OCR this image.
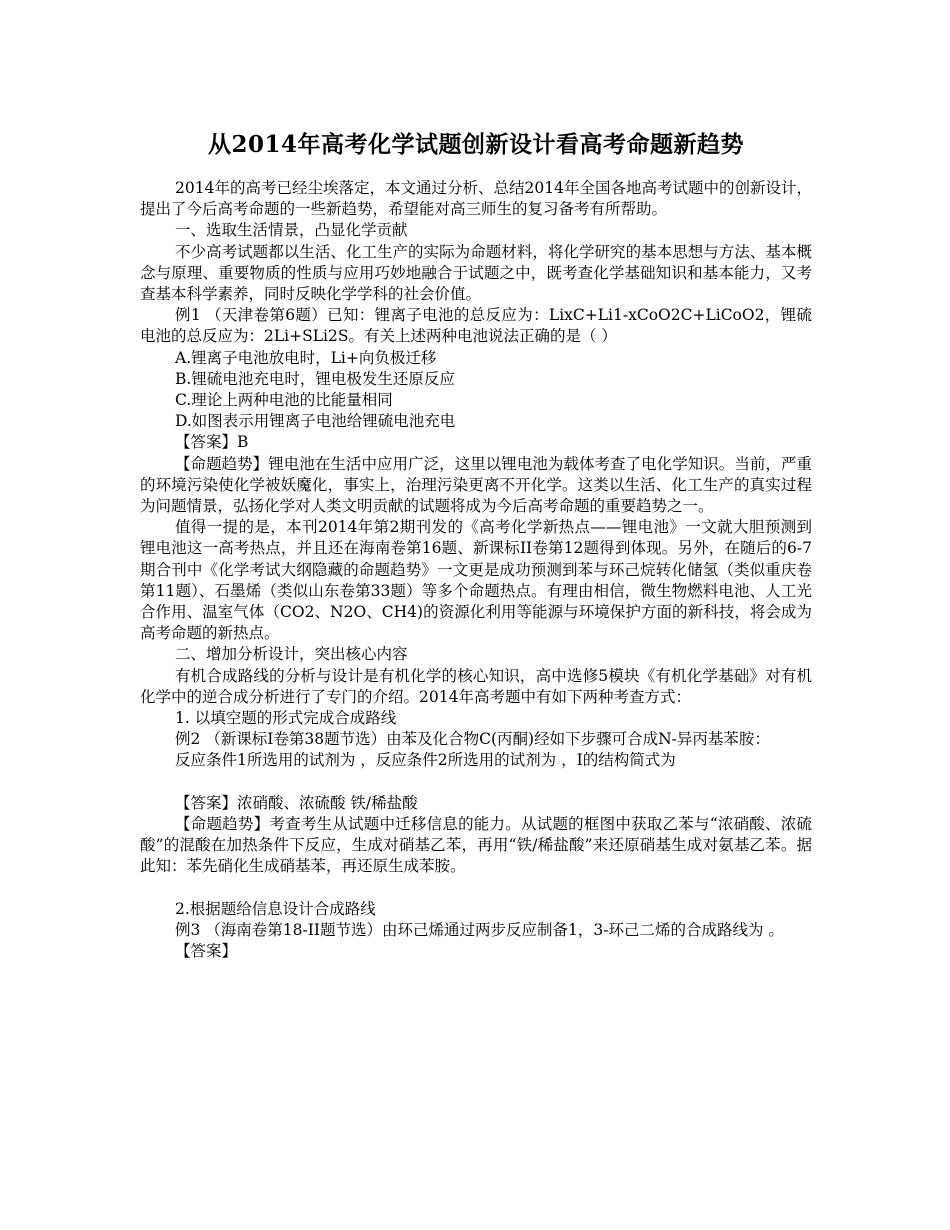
从2014年高考化学试题创新设计看高考命题新趋势

2014年的高考已经尘埃落定，本文通过分析、总结2014年全国各地高考试题中的创新设计，提出了今后高考命题的一些新趋势，希望能对高三师生的复习备考有所帮助。

一、选取生活情景，凸显化学贡献

不少高考试题都以生活、化工生产的实际为命题材料，将化学研究的基本思想与方法、基本概念与原理、重要物质的性质与应用巧妙地融合于试题之中，既考查化学基础知识和基本能力，又考查基本科学素养，同时反映化学学科的社会价值。

例1 （天津卷第6题）已知：锂离子电池的总反应为：LixC+Li1-xCoO2C+LiCoO2，锂硫电池的总反应为：2Li+SLi2S。有关上述两种电池说法正确的是（ ）

A.锂离子电池放电时，Li+向负极迁移

B.锂硫电池充电时，锂电极发生还原反应

C.理论上两种电池的比能量相同

D.如图表示用锂离子电池给锂硫电池充电

【答案】B

【命题趋势】锂电池在生活中应用广泛，这里以锂电池为载体考查了电化学知识。当前，严重的环境污染使化学被妖魔化，事实上，治理污染更离不开化学。这类以生活、化工生产的真实过程为问题情景，弘扬化学对人类文明贡献的试题将成为今后高考命题的重要趋势之一。

值得一提的是，本刊2014年第2期刊发的《高考化学新热点——锂电池》一文就大胆预测到锂电池这一高考热点，并且还在海南卷第16题、新课标II卷第12题得到体现。另外，在随后的6-7期合刊中《化学考试大纲隐藏的命题趋势》一文更是成功预测到苯与环己烷转化储氢（类似重庆卷第11题）、石墨烯（类似山东卷第33题）等多个命题热点。有理由相信，微生物燃料电池、人工光合作用、温室气体（CO2、N2O、CH4)的资源化利用等能源与环境保护方面的新科技，将会成为高考命题的新热点。

二、增加分析设计，突出核心内容

有机合成路线的分析与设计是有机化学的核心知识，高中选修5模块《有机化学基础》对有机化学中的逆合成分析进行了专门的介绍。2014年高考题中有如下两种考查方式：

1. 以填空题的形式完成合成路线

例2 （新课标Ⅰ卷第38题节选）由苯及化合物C(丙酮)经如下步骤可合成N-异丙基苯胺：

反应条件1所选用的试剂为 ，反应条件2所选用的试剂为 ，I的结构简式为

【答案】浓硝酸、浓硫酸 铁/稀盐酸

【命题趋势】考查考生从试题中迁移信息的能力。从试题的框图中获取乙苯与“浓硝酸、浓硫酸”的混酸在加热条件下反应，生成对硝基乙苯，再用“铁/稀盐酸”来还原硝基生成对氨基乙苯。据此知：苯先硝化生成硝基苯，再还原生成苯胺。

2.根据题给信息设计合成路线

例3 （海南卷第18-II题节选）由环己烯通过两步反应制备1，3-环己二烯的合成路线为 。

【答案】
